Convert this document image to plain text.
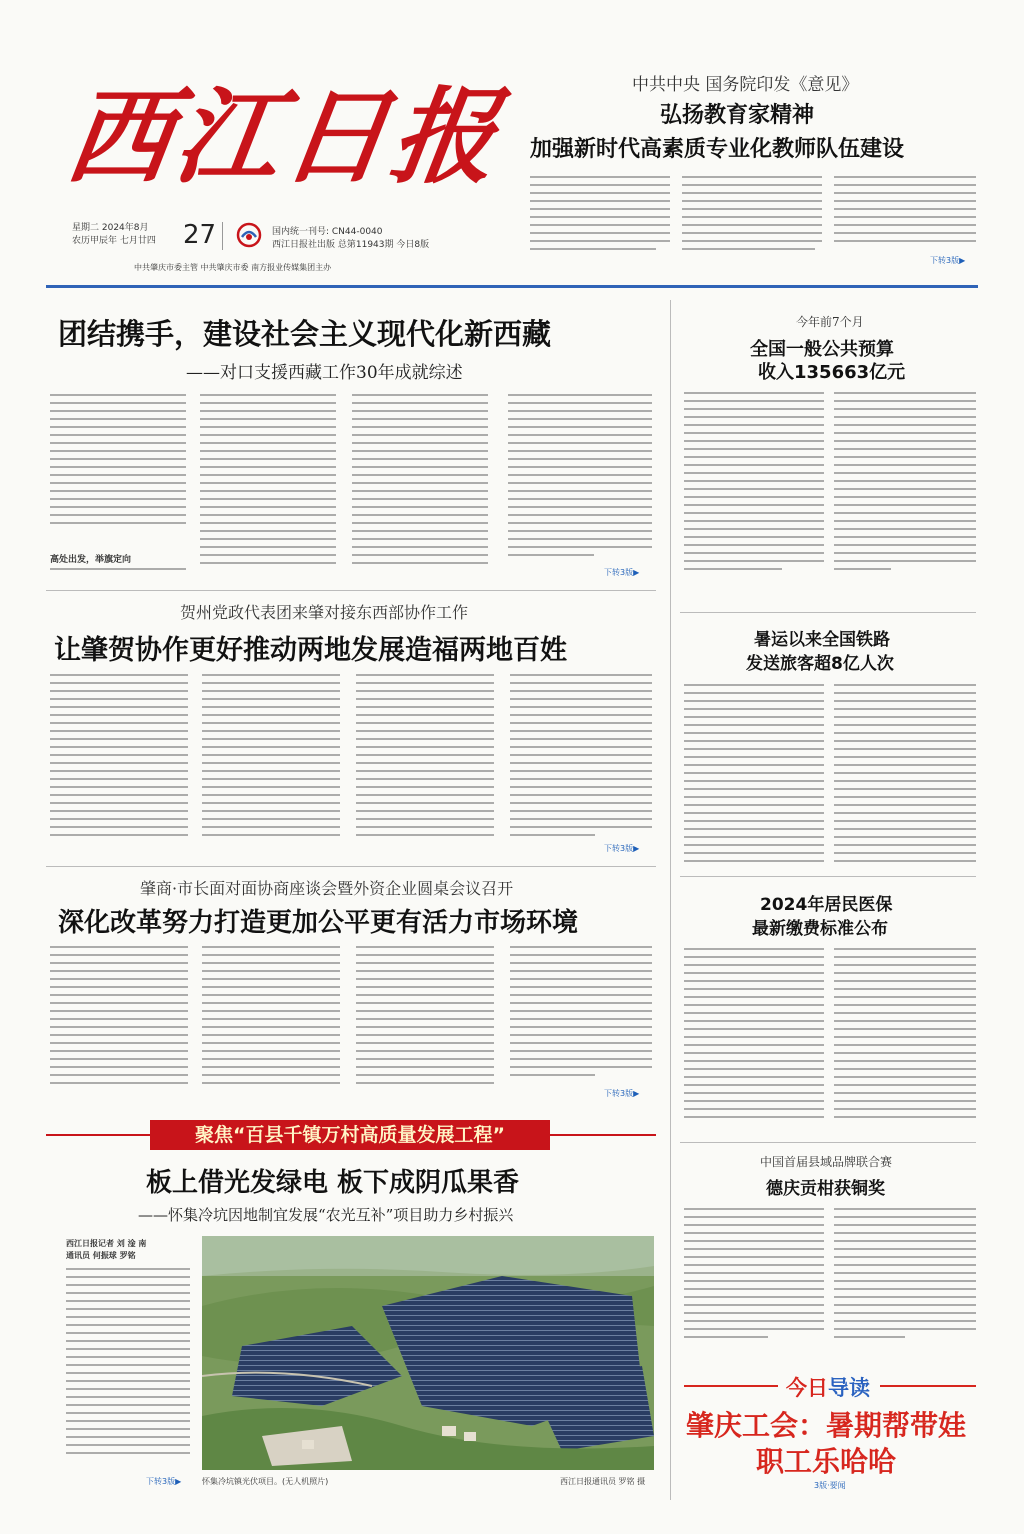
西江日报
星期二 2024年8月
农历甲辰年 七月廿四 27	国内统一刊号: CN44-0040
西江日报社出版 总第11943期 今日8版
中共肇庆市委主管 中共肇庆市委 南方报业传媒集团主办
中共中央 国务院印发《意见》
弘扬教育家精神
加强新时代高素质专业化教师队伍建设
下转3版▶
团结携手，建设社会主义现代化新西藏
——对口支援西藏工作30年成就综述
高处出发，举旗定向
下转3版▶
贺州党政代表团来肇对接东西部协作工作
让肇贺协作更好推动两地发展造福两地百姓
下转3版▶
肇商·市长面对面协商座谈会暨外资企业圆桌会议召开
深化改革努力打造更加公平更有活力市场环境
下转3版▶
聚焦“百县千镇万村高质量发展工程”
板上借光发绿电 板下成阴瓜果香
——怀集冷坑因地制宜发展“农光互补”项目助力乡村振兴
西江日报记者 刘 淦 南
通讯员 何振球 罗铭
下转3版▶	怀集冷坑镇光伏项目。(无人机照片)	西江日报通讯员 罗铭 摄
今年前7个月
全国一般公共预算
收入135663亿元
暑运以来全国铁路
发送旅客超8亿人次
2024年居民医保
最新缴费标准公布
中国首届县域品牌联合赛
德庆贡柑获铜奖
今日导读
肇庆工会：暑期帮带娃
职工乐哈哈
3版·要闻
